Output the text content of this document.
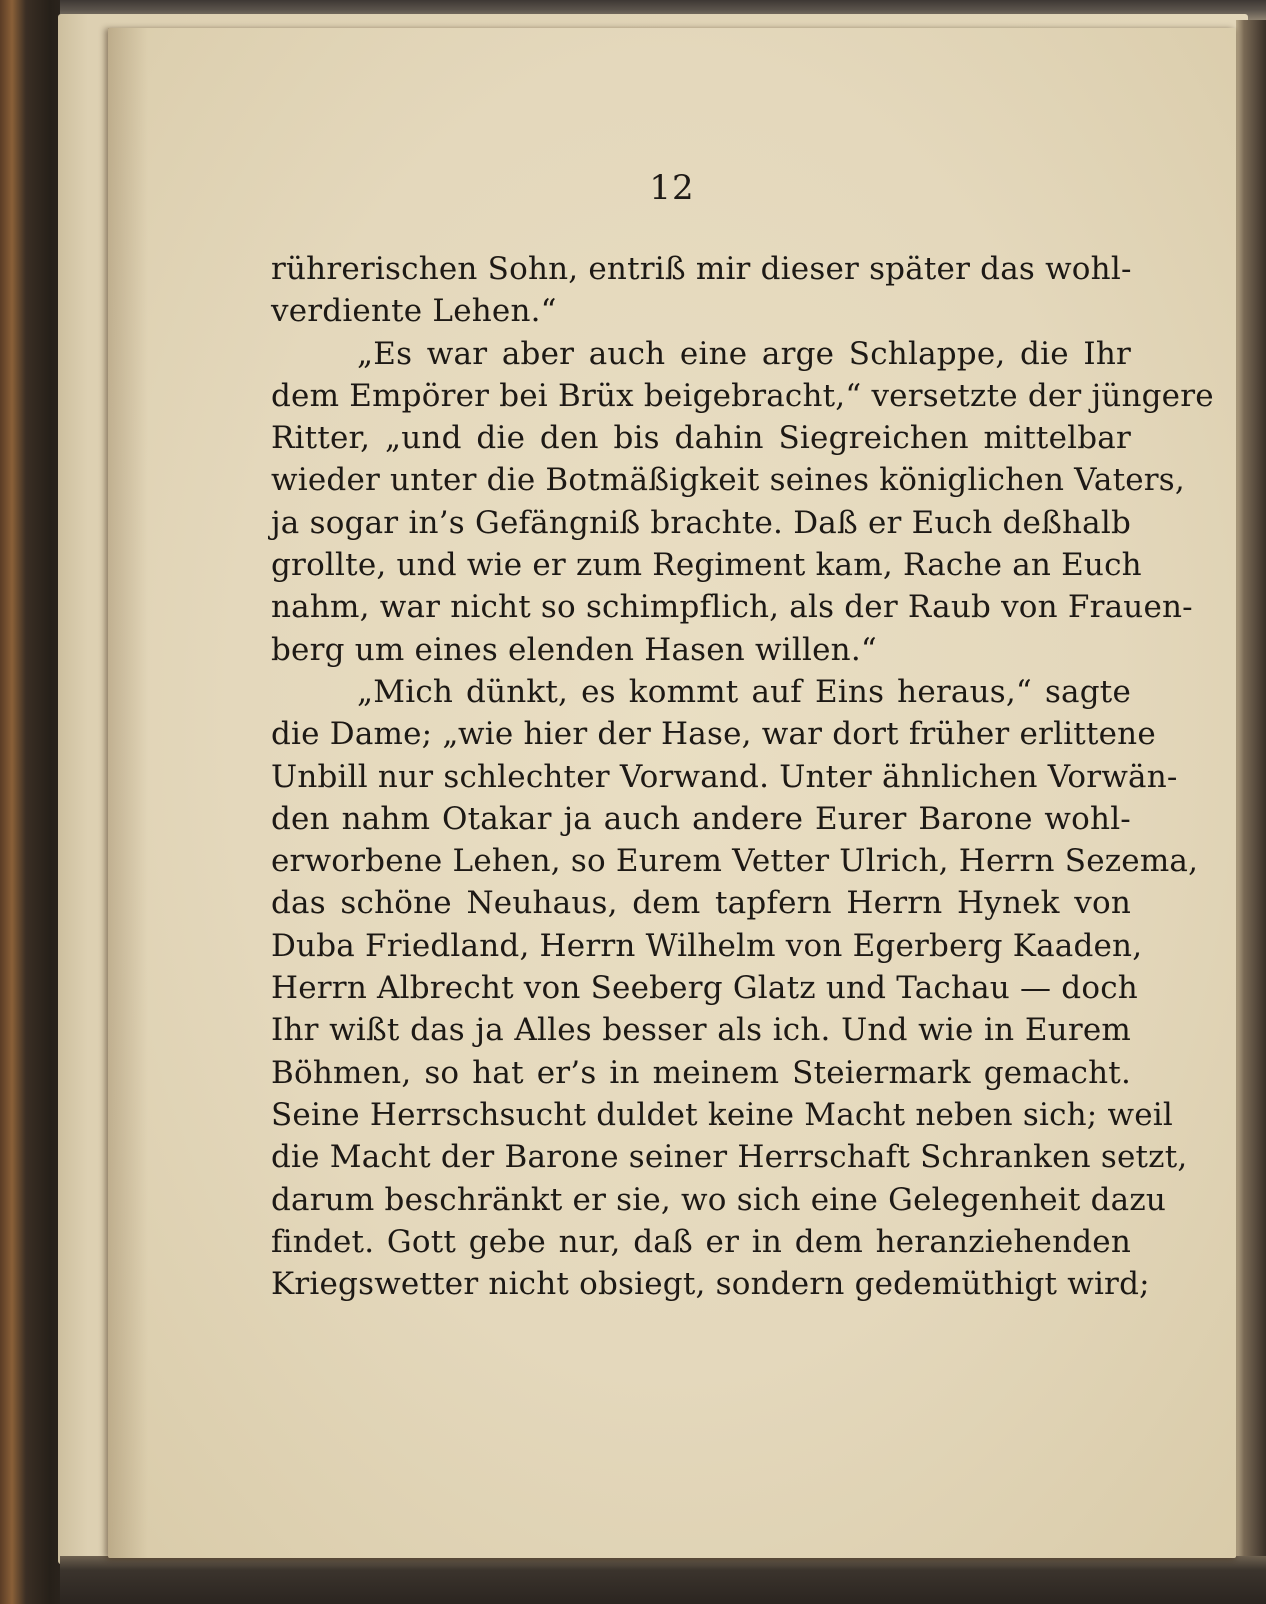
12
rührerischen Sohn, entriß mir dieser später das wohl-
verdiente Lehen.“
„Es war aber auch eine arge Schlappe, die Ihr
dem Empörer bei Brüx beigebracht,“ versetzte der jüngere
Ritter, „und die den bis dahin Siegreichen mittelbar
wieder unter die Botmäßigkeit seines königlichen Vaters,
ja sogar in’s Gefängniß brachte. Daß er Euch deßhalb
grollte, und wie er zum Regiment kam, Rache an Euch
nahm, war nicht so schimpflich, als der Raub von Frauen-
berg um eines elenden Hasen willen.“
„Mich dünkt, es kommt auf Eins heraus,“ sagte
die Dame; „wie hier der Hase, war dort früher erlittene
Unbill nur schlechter Vorwand. Unter ähnlichen Vorwän-
den nahm Otakar ja auch andere Eurer Barone wohl-
erworbene Lehen, so Eurem Vetter Ulrich, Herrn Sezema,
das schöne Neuhaus, dem tapfern Herrn Hynek von
Duba Friedland, Herrn Wilhelm von Egerberg Kaaden,
Herrn Albrecht von Seeberg Glatz und Tachau — doch
Ihr wißt das ja Alles besser als ich. Und wie in Eurem
Böhmen, so hat er’s in meinem Steiermark gemacht.
Seine Herrschsucht duldet keine Macht neben sich; weil
die Macht der Barone seiner Herrschaft Schranken setzt,
darum beschränkt er sie, wo sich eine Gelegenheit dazu
findet. Gott gebe nur, daß er in dem heranziehenden
Kriegswetter nicht obsiegt, sondern gedemüthigt wird;
